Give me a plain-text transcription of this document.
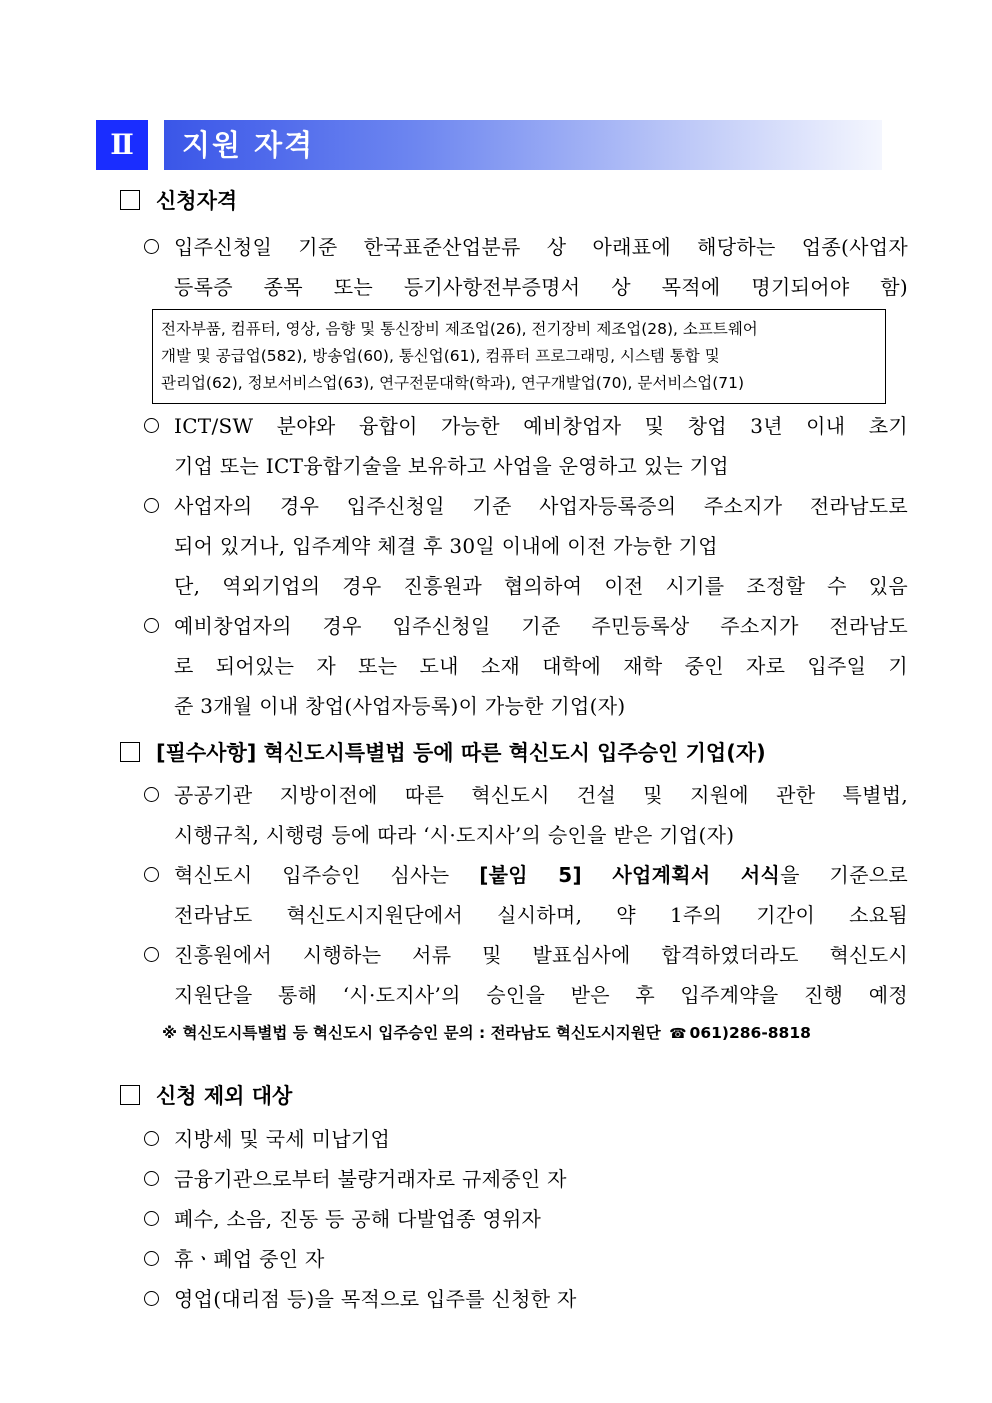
Ⅱ	지원 자격
신청자격
입주신청일 기준 한국표준산업분류 상 아래표에 해당하는 업종(사업자
등록증 종목 또는 등기사항전부증명서 상 목적에 명기되어야 함)
전자부품, 컴퓨터, 영상, 음향 및 통신장비 제조업(26), 전기장비 제조업(28), 소프트웨어
개발 및 공급업(582), 방송업(60), 통신업(61), 컴퓨터 프로그래밍, 시스템 통합 및
관리업(62), 정보서비스업(63), 연구전문대학(학과), 연구개발업(70), 문서비스업(71)
ICT/SW 분야와 융합이 가능한 예비창업자 및 창업 3년 이내 초기
기업 또는 ICT융합기술을 보유하고 사업을 운영하고 있는 기업
사업자의 경우 입주신청일 기준 사업자등록증의 주소지가 전라남도로
되어 있거나, 입주계약 체결 후 30일 이내에 이전 가능한 기업
단, 역외기업의 경우 진흥원과 협의하여 이전 시기를 조정할 수 있음
예비창업자의 경우 입주신청일 기준 주민등록상 주소지가 전라남도
로 되어있는 자 또는 도내 소재 대학에 재학 중인 자로 입주일 기
준 3개월 이내 창업(사업자등록)이 가능한 기업(자)
[필수사항] 혁신도시특별법 등에 따른 혁신도시 입주승인 기업(자)
공공기관 지방이전에 따른 혁신도시 건설 및 지원에 관한 특별법,
시행규칙, 시행령 등에 따라 ‘시·도지사’의 승인을 받은 기업(자)
혁신도시 입주승인 심사는 [붙임 5] 사업계획서 서식을 기준으로
전라남도 혁신도시지원단에서 실시하며, 약 1주의 기간이 소요됨
진흥원에서 시행하는 서류 및 발표심사에 합격하였더라도 혁신도시
지원단을 통해 ‘시·도지사’의 승인을 받은 후 입주계약을 진행 예정
※ 혁신도시특별법 등 혁신도시 입주승인 문의 : 전라남도 혁신도시지원단 ☎ 061)286-8818
신청 제외 대상
지방세 및 국세 미납기업
금융기관으로부터 불량거래자로 규제중인 자
폐수, 소음, 진동 등 공해 다발업종 영위자
휴ㆍ폐업 중인 자
영업(대리점 등)을 목적으로 입주를 신청한 자
